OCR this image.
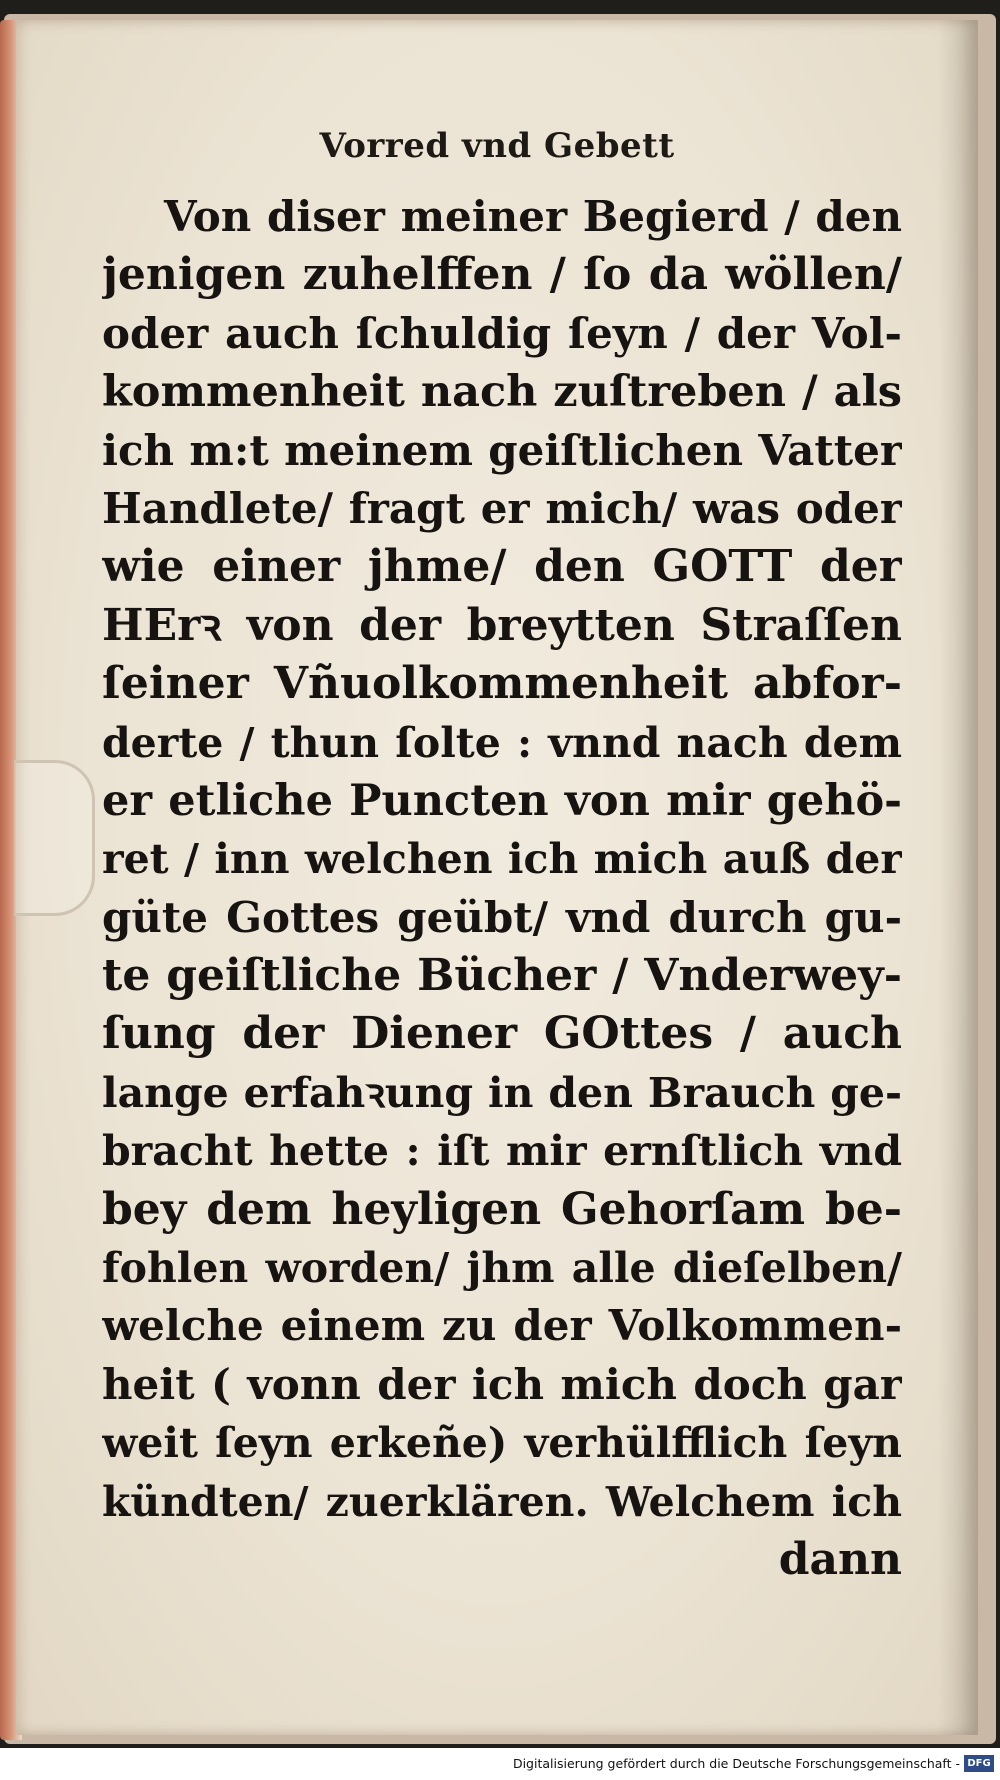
Vorred vnd Gebett
Von diser meiner Begierd / den
jenigen zuhelffen / ſo da wöllen/
oder auch ſchuldig ſeyn / der Vol-
kommenheit nach zuſtreben / als
ich m:t meinem geiſtlichen Vatter
Handlete/ fragt er mich/ was oder
wie einer jhme/ den GOTT der
HErꝛ von der breytten Straſſen
ſeiner Vñuolkommenheit abfor-
derte / thun ſolte : vnnd nach dem
er etliche Puncten von mir gehö-
ret / inn welchen ich mich auß der
güte Gottes geübt/ vnd durch gu-
te geiſtliche Bücher / Vnderwey-
ſung der Diener GOttes / auch
lange erfahꝛung in den Brauch ge-
bracht hette : iſt mir ernſtlich vnd
bey dem heyligen Gehorſam be-
fohlen worden/ jhm alle dieſelben/
welche einem zu der Volkommen-
heit ( vonn der ich mich doch gar
weit ſeyn erkeñe) verhülfflich ſeyn
kündten/ zuerklären. Welchem ich
dann
Digitalisierung gefördert durch die Deutsche Forschungsgemeinschaft - DFG
